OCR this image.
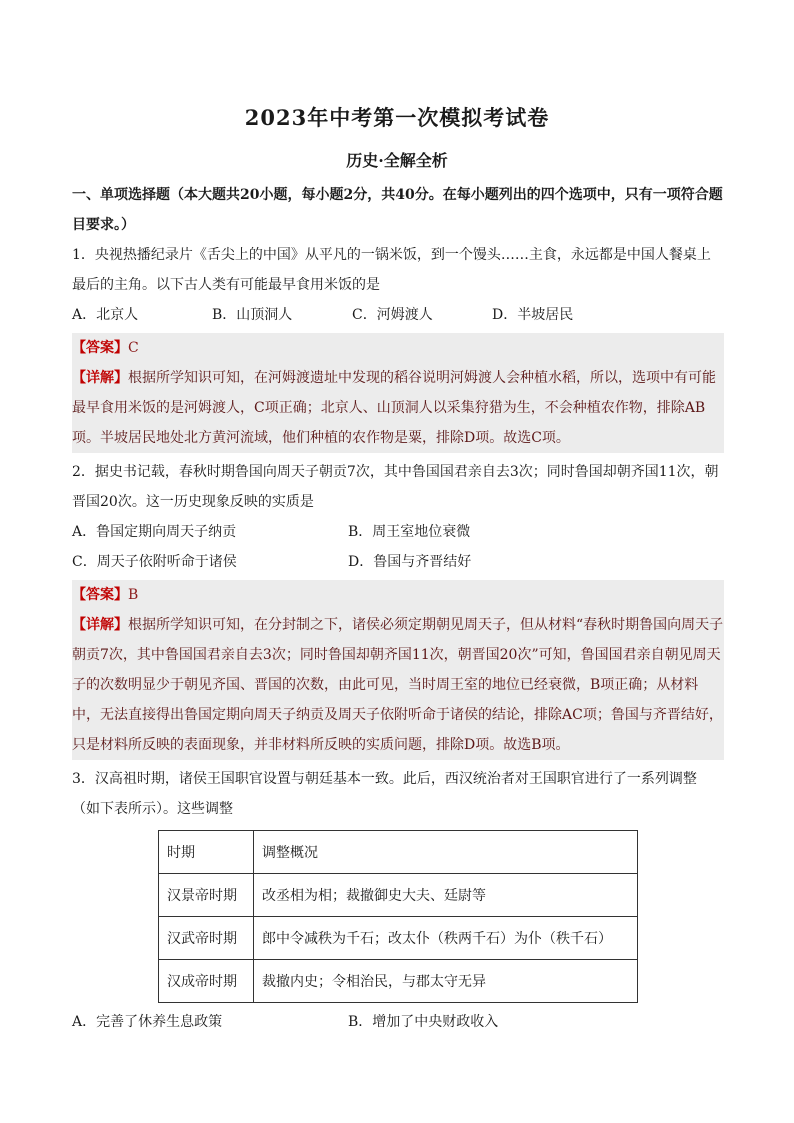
2023年中考第一次模拟考试卷
历史·全解全析

一、单项选择题（本大题共20小题，每小题2分，共40分。在每小题列出的四个选项中，只有一项符合题目要求。）

1．央视热播纪录片《舌尖上的中国》从平凡的一锅米饭，到一个馒头……主食，永远都是中国人餐桌上最后的主角。以下古人类有可能最早食用米饭的是

A．北京人	B．山顶洞人	C．河姆渡人	D．半坡居民

【答案】C

【详解】根据所学知识可知，在河姆渡遗址中发现的稻谷说明河姆渡人会种植水稻，所以，选项中有可能最早食用米饭的是河姆渡人，C项正确；北京人、山顶洞人以采集狩猎为生，不会种植农作物，排除AB项。半坡居民地处北方黄河流域，他们种植的农作物是粟，排除D项。故选C项。

2．据史书记载，春秋时期鲁国向周天子朝贡7次，其中鲁国国君亲自去3次；同时鲁国却朝齐国11次，朝晋国20次。这一历史现象反映的实质是

A．鲁国定期向周天子纳贡	B．周王室地位衰微
C．周天子依附听命于诸侯	D．鲁国与齐晋结好

【答案】B

【详解】根据所学知识可知，在分封制之下，诸侯必须定期朝见周天子，但从材料“春秋时期鲁国向周天子朝贡7次，其中鲁国国君亲自去3次；同时鲁国却朝齐国11次，朝晋国20次”可知，鲁国国君亲自朝见周天子的次数明显少于朝见齐国、晋国的次数，由此可见，当时周王室的地位已经衰微，B项正确；从材料中，无法直接得出鲁国定期向周天子纳贡及周天子依附听命于诸侯的结论，排除AC项；鲁国与齐晋结好，只是材料所反映的表面现象，并非材料所反映的实质问题，排除D项。故选B项。

3．汉高祖时期，诸侯王国职官设置与朝廷基本一致。此后，西汉统治者对王国职官进行了一系列调整（如下表所示）。这些调整

时期	调整概况
汉景帝时期	改丞相为相；裁撤御史大夫、廷尉等
汉武帝时期	郎中令减秩为千石；改太仆（秩两千石）为仆（秩千石）
汉成帝时期	裁撤内史；令相治民，与郡太守无异
A．完善了休养生息政策	B．增加了中央财政收入
